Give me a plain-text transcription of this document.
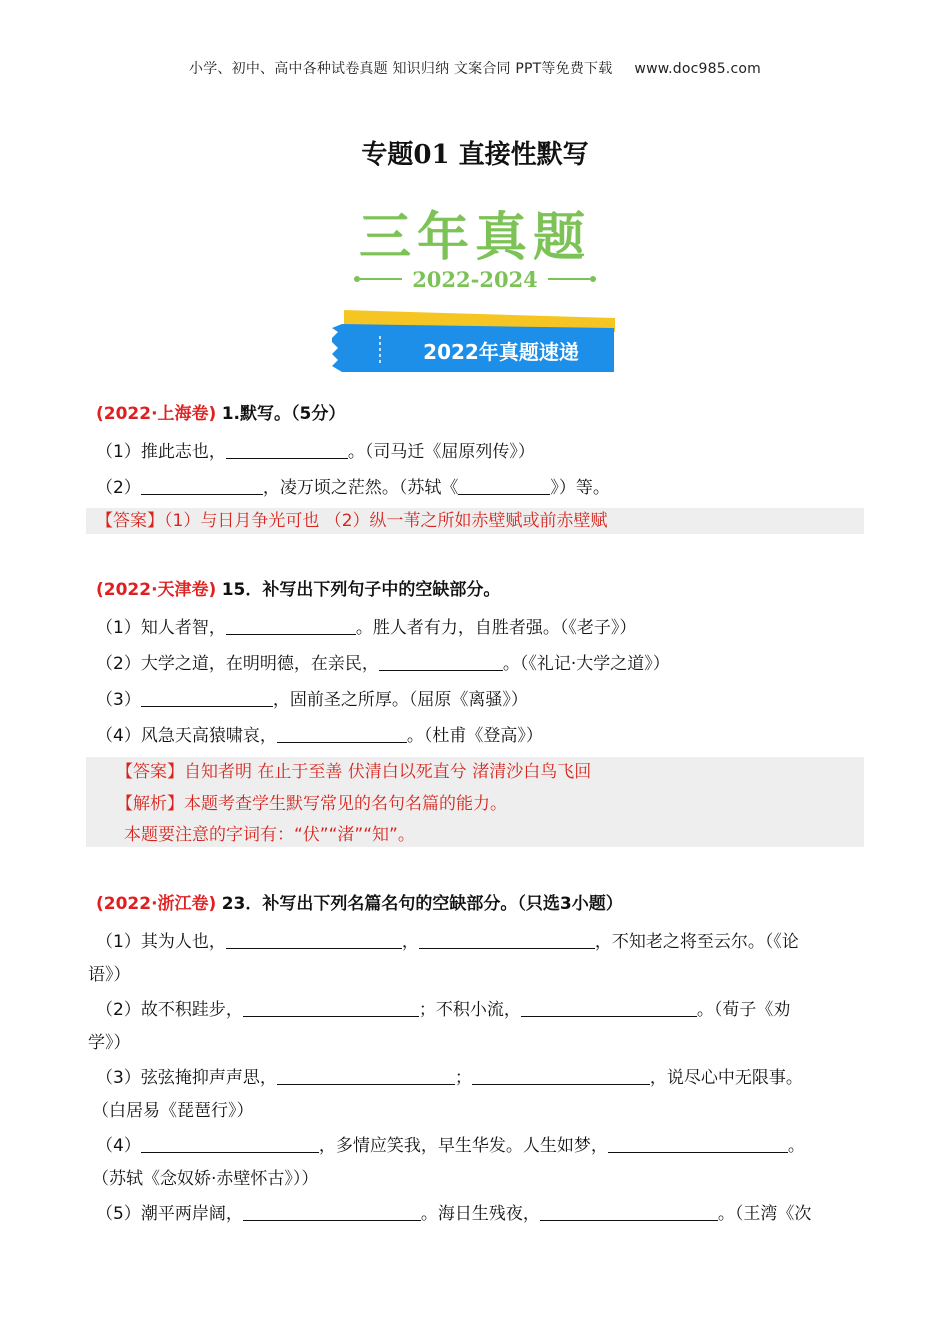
小学、初中、高中各种试卷真题 知识归纳 文案合同 PPT等免费下载 www.doc985.com
专题01 直接性默写
三年真题
2022-2024
2022年真题速递
(2022·上海卷) 1.默写。（5分）
（1）推此志也，	。（司马迁《屈原列传》）
（2）	，凌万顷之茫然。（苏轼《	》）等。
【答案】（1）与日月争光可也 （2）纵一苇之所如赤壁赋或前赤壁赋
(2022·天津卷) 15．补写出下列句子中的空缺部分。
（1）知人者智，	。胜人者有力，自胜者强。（《老子》）
（2）大学之道，在明明德，在亲民，	。（《礼记·大学之道》）
（3）	，固前圣之所厚。（屈原《离骚》）
（4）风急天高猿啸哀，	。（杜甫《登高》）
【答案】自知者明 在止于至善 伏清白以死直兮 渚清沙白鸟飞回
【解析】本题考查学生默写常见的名句名篇的能力。
本题要注意的字词有：“伏”“渚”“知”。
(2022·浙江卷) 23．补写出下列名篇名句的空缺部分。（只选3小题）
（1）其为人也，	，	，不知老之将至云尔。（《论
语》）
（2）故不积跬步，	；不积小流，	。（荀子《劝
学》）
（3）弦弦掩抑声声思，	；	，说尽心中无限事。
（白居易《琵琶行》）
（4）	，多情应笑我，早生华发。人生如梦，	。
（苏轼《念奴娇·赤壁怀古》））
（5）潮平两岸阔，	。海日生残夜，	。（王湾《次
